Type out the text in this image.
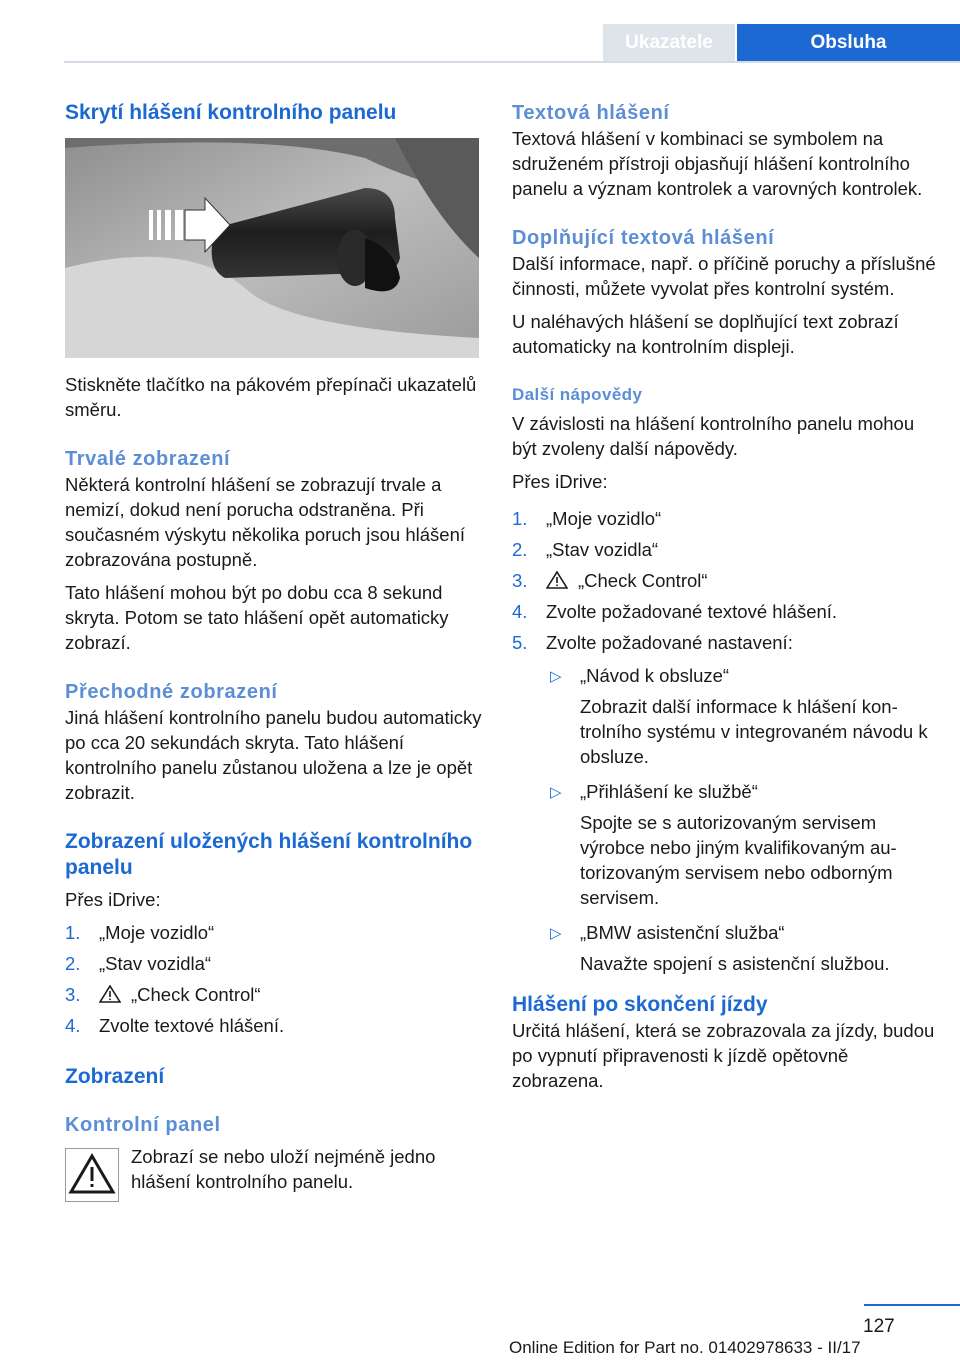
Ukazatele	Obsluha
Skrytí hlášení kontrolního panelu

Stiskněte tlačítko na pákovém přepínači ukazatelů směru.

Trvalé zobrazení

Některá kontrolní hlášení se zobrazují trvale a nemizí, dokud není porucha odstraněna. Při současném výskytu několika poruch jsou hlášení zobrazována postupně.

Tato hlášení mohou být po dobu cca 8 sekund skryta. Potom se tato hlášení opět automaticky zobrazí.

Přechodné zobrazení

Jiná hlášení kontrolního panelu budou automaticky po cca 20 sekundách skryta. Tato hlášení kontrolního panelu zůstanou uložena a lze je opět zobrazit.

Zobrazení uložených hlášení kontrolního panelu

Přes iDrive:

1. „Moje vozidlo“
2. „Stav vozidla“
3.	„Check Control“
4. Zvolte textové hlášení.
Zobrazení
Kontrolní panel

Zobrazí se nebo uloží nejméně jedno hlášení kontrolního panelu.

Textová hlášení

Textová hlášení v kombinaci se symbolem na sdruženém přístroji objasňují hlášení kontrolního panelu a význam kontrolek a varovných kontrolek.

Doplňující textová hlášení

Další informace, např. o příčině poruchy a příslušné činnosti, můžete vyvolat přes kontrolní systém.

U naléhavých hlášení se doplňující text zobrazí automaticky na kontrolním displeji.

Další nápovědy

V závislosti na hlášení kontrolního panelu mohou být zvoleny další nápovědy.

Přes iDrive:

1. „Moje vozidlo“
2. „Stav vozidla“
3.	„Check Control“
4. Zvolte požadované textové hlášení.
5. Zvolte požadované nastavení:
▷ „Návod k obsluze“
Zobrazit další informace k hlášení kontrolního systému v integrovaném návodu k obsluze.
▷ „Přihlášení ke službě“
Spojte se s autorizovaným servisem výrobce nebo jiným kvalifikovaným autorizovaným servisem nebo odborným servisem.
▷ „BMW asistenční služba“
Navažte spojení s asistenční službou.
Hlášení po skončení jízdy

Určitá hlášení, která se zobrazovala za jízdy, budou po vypnutí připravenosti k jízdě opětovně zobrazena.

127
Online Edition for Part no. 01402978633 - II/17
